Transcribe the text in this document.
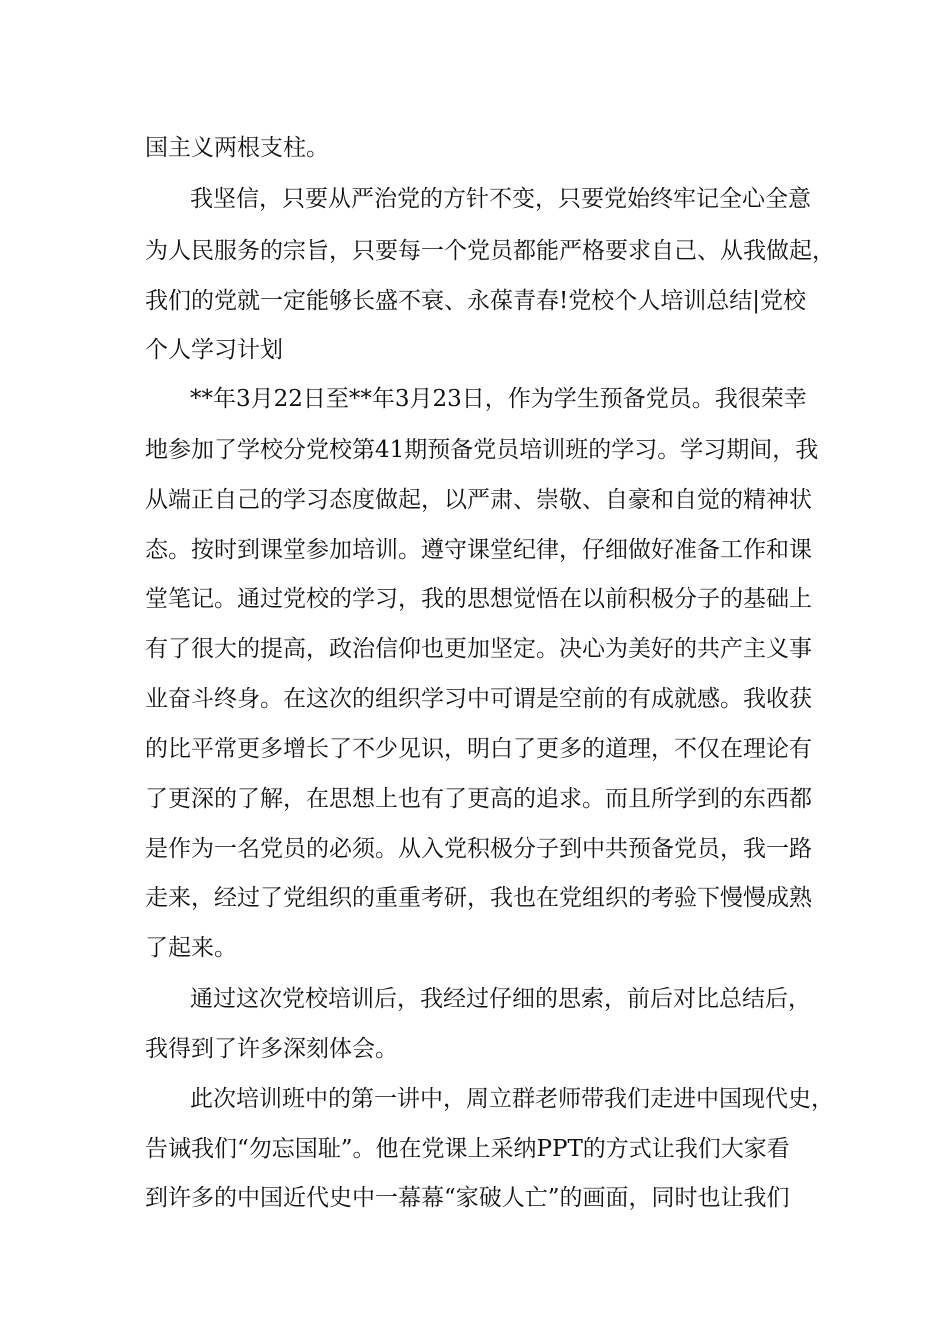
国主义两根支柱。
我坚信，只要从严治党的方针不变，只要党始终牢记全心全意
为人民服务的宗旨，只要每一个党员都能严格要求自己、从我做起，
我们的党就一定能够长盛不衰、永葆青春!党校个人培训总结|党校
个人学习计划
**年3月22日至**年3月23日，作为学生预备党员。我很荣幸
地参加了学校分党校第41期预备党员培训班的学习。学习期间，我
从端正自己的学习态度做起，以严肃、崇敬、自豪和自觉的精神状
态。按时到课堂参加培训。遵守课堂纪律，仔细做好准备工作和课
堂笔记。通过党校的学习，我的思想觉悟在以前积极分子的基础上
有了很大的提高，政治信仰也更加坚定。决心为美好的共产主义事
业奋斗终身。在这次的组织学习中可谓是空前的有成就感。我收获
的比平常更多增长了不少见识，明白了更多的道理，不仅在理论有
了更深的了解，在思想上也有了更高的追求。而且所学到的东西都
是作为一名党员的必须。从入党积极分子到中共预备党员，我一路
走来，经过了党组织的重重考研，我也在党组织的考验下慢慢成熟
了起来。
通过这次党校培训后，我经过仔细的思索，前后对比总结后，
我得到了许多深刻体会。
此次培训班中的第一讲中，周立群老师带我们走进中国现代史，
告诫我们“勿忘国耻”。他在党课上采纳PPT的方式让我们大家看
到许多的中国近代史中一幕幕“家破人亡”的画面，同时也让我们
